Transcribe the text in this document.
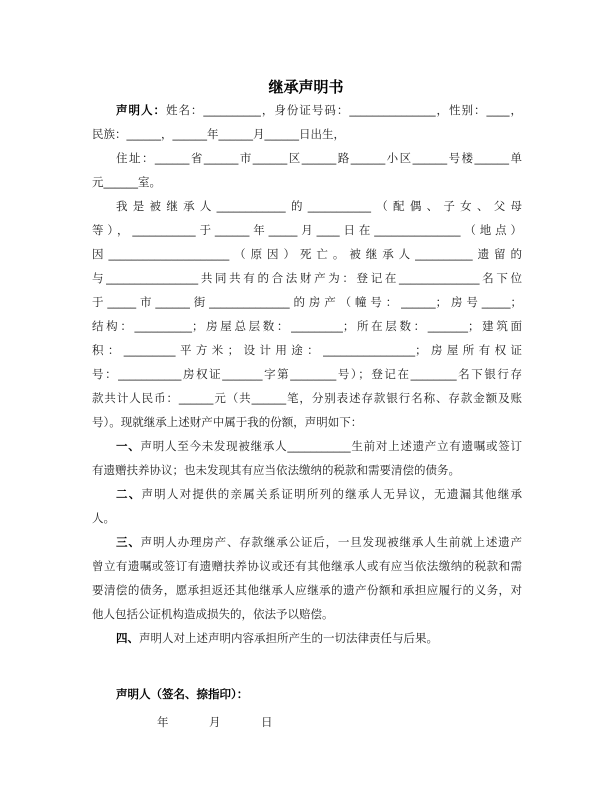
继承声明书
声明人：姓名：__________，身份证号码：_______________，性别：____，
民族：______，______年______月______日出生，
住址：______省______市______区______路______小区______号楼______单
元______室。
我是被继承人____________的___________（配偶、子女、父母
等），___________于______年_____月____日在_______________（地点）
因_____________________（原因）死亡。被继承人__________遗留的
与________________共同共有的合法财产为：登记在______________名下位
于_____市______街______________的房产（幢号：______；房号_____；
结构：__________；房屋总层数：_________；所在层数：_______；建筑面
积：_________平方米；设计用途：________________；房屋所有权证
号：___________房权证_______字第________号）；登记在________名下银行存
款共计人民币：______元（共______笔，分别表述存款银行名称、存款金额及账
号）。现就继承上述财产中属于我的份额，声明如下：
一、声明人至今未发现被继承人___________生前对上述遗产立有遗嘱或签订
有遗赠扶养协议；也未发现其有应当依法缴纳的税款和需要清偿的债务。
二、声明人对提供的亲属关系证明所列的继承人无异议，无遗漏其他继承
人。
三、声明人办理房产、存款继承公证后，一旦发现被继承人生前就上述遗产
曾立有遗嘱或签订有遗赠扶养协议或还有其他继承人或有应当依法缴纳的税款和需
要清偿的债务，愿承担返还其他继承人应继承的遗产份额和承担应履行的义务，对
他人包括公证机构造成损失的，依法予以赔偿。
四、声明人对上述声明内容承担所产生的一切法律责任与后果。
声明人（签名、捺指印）：
年	月	日
